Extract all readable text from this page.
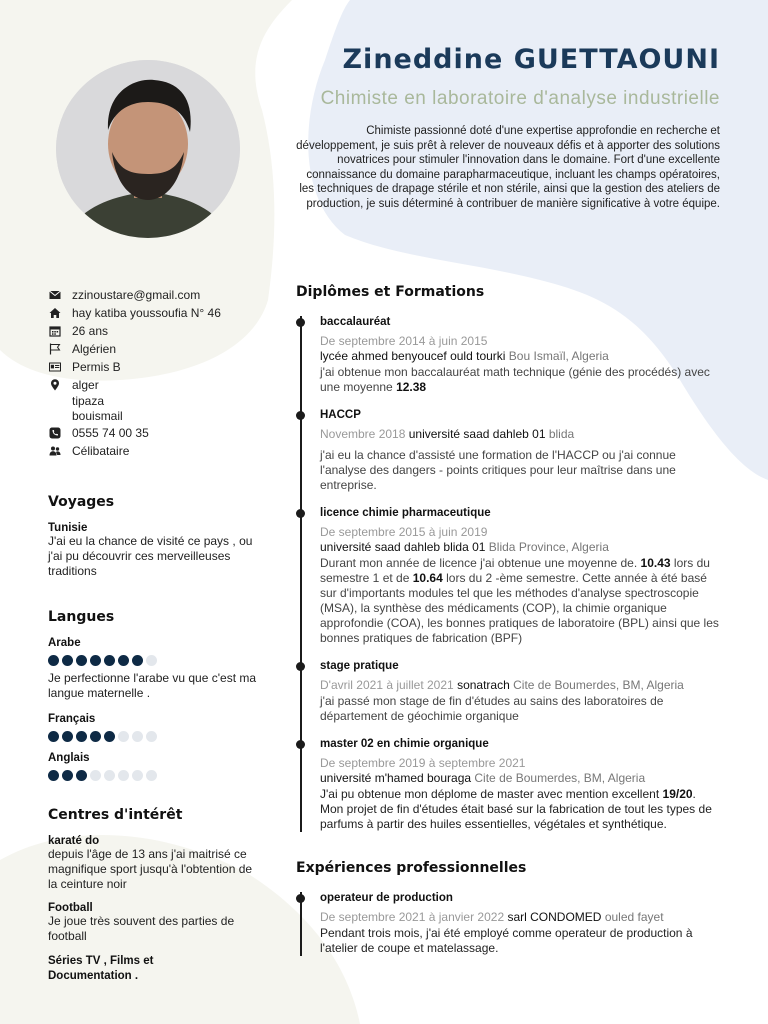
Zineddine GUETTAOUNI
Chimiste en laboratoire d'analyse industrielle
Chimiste passionné doté d'une expertise approfondie en recherche et développement, je suis prêt à relever de nouveaux défis et à apporter des solutions novatrices pour stimuler l'innovation dans le domaine. Fort d'une excellente connaissance du domaine parapharmaceutique, incluant les champs opératoires, les techniques de drapage stérile et non stérile, ainsi que la gestion des ateliers de production, je suis déterminé à contribuer de manière significative à votre équipe.
zzinoustare@gmail.com
hay katiba youssoufia N° 46
26 ans
Algérien
Permis B
alger
tipaza
bouismail
0555 74 00 35
Célibataire
Voyages
Tunisie
J'ai eu la chance de visité ce pays , ou j'ai pu découvrir ces merveilleuses traditions
Langues
Arabe
Je perfectionne l'arabe vu que c'est ma langue maternelle .
Français
Anglais
Centres d'intérêt
karaté do
depuis l'âge de 13 ans j'ai maitrisé ce magnifique sport jusqu'à l'obtention de la ceinture noir
Football
Je joue très souvent des parties de football
Séries TV , Films et Documentation .
Diplômes et Formations
baccalauréat
De septembre 2014 à juin 2015
lycée ahmed benyoucef ould tourki Bou Ismaïl, Algeria
j'ai obtenue mon baccalauréat math technique (génie des procédés) avec une moyenne 12.38
HACCP
Novembre 2018 université saad dahleb 01 blida
j'ai eu la chance d'assisté une formation de l'HACCP ou j'ai connue l'analyse des dangers - points critiques pour leur maîtrise dans une entreprise.
licence chimie pharmaceutique
De septembre 2015 à juin 2019
université saad dahleb blida 01 Blida Province, Algeria
Durant mon année de licence j'ai obtenue une moyenne de. 10.43 lors du semestre 1 et de 10.64 lors du 2 -ème semestre. Cette année à été basé sur d'importants modules tel que les méthodes d'analyse spectroscopie (MSA), la synthèse des médicaments (COP), la chimie organique approfondie (COA), les bonnes pratiques de laboratoire (BPL) ainsi que les bonnes pratiques de fabrication (BPF)
stage pratique
D'avril 2021 à juillet 2021 sonatrach Cite de Boumerdes, BM, Algeria
j'ai passé mon stage de fin d'études au sains des laboratoires de département de géochimie organique
master 02 en chimie organique
De septembre 2019 à septembre 2021
université m'hamed bouraga Cite de Boumerdes, BM, Algeria
J'ai pu obtenue mon déplome de master avec mention excellent 19/20. Mon projet de fin d'études était basé sur la fabrication de tout les types de parfums à partir des huiles essentielles, végétales et synthétique.
Expériences professionnelles
operateur de production
De septembre 2021 à janvier 2022 sarl CONDOMED ouled fayet
Pendant trois mois, j'ai été employé comme operateur de production à l'atelier de coupe et matelassage.
